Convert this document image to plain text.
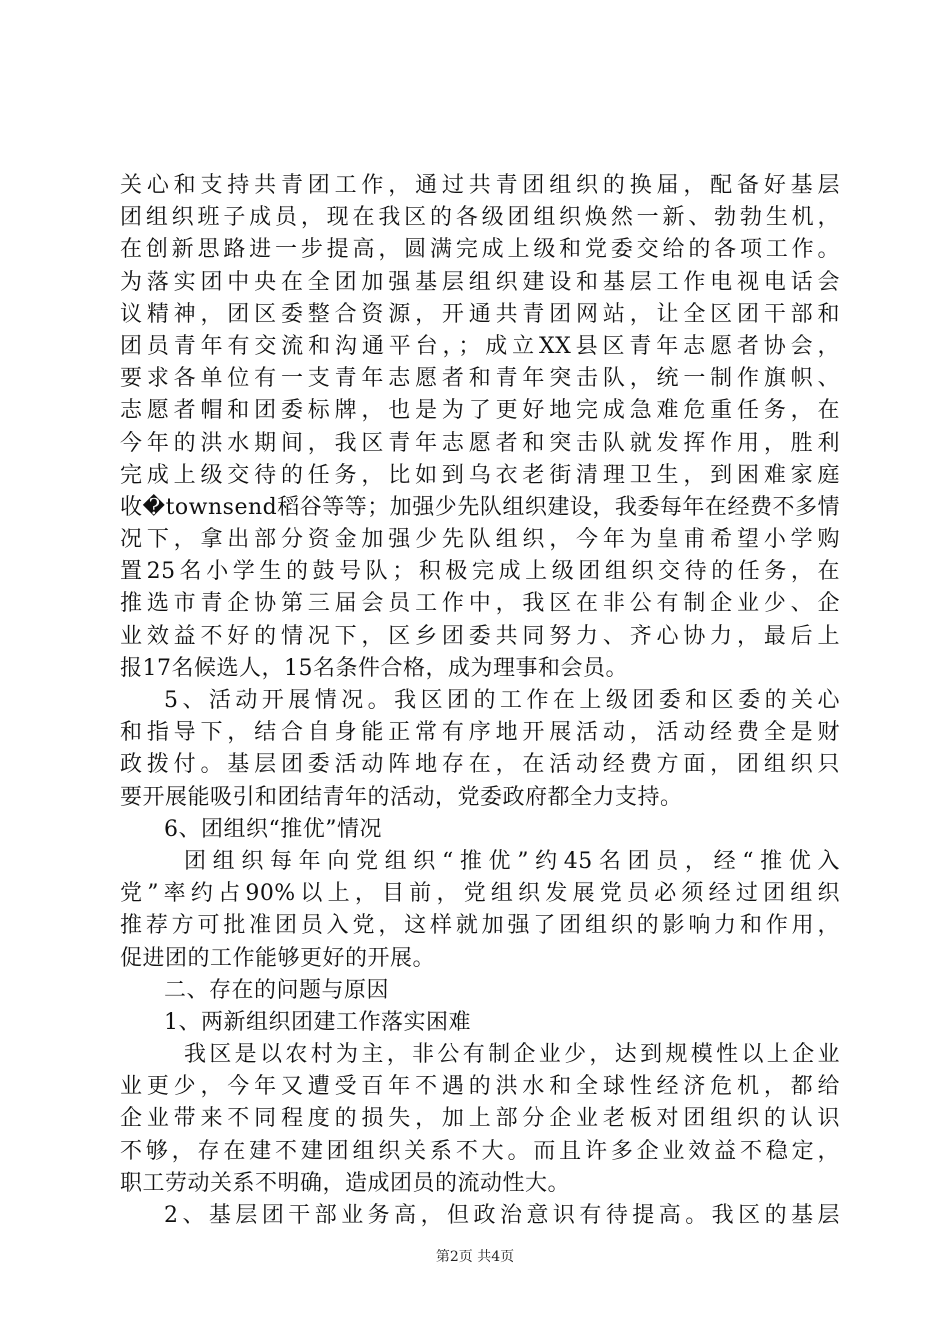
关心和支持共青团工作，通过共青团组织的换届，配备好基层
团组织班子成员，现在我区的各级团组织焕然一新、勃勃生机，
在创新思路进一步提高，圆满完成上级和党委交给的各项工作。
为落实团中央在全团加强基层组织建设和基层工作电视电话会
议精神，团区委整合资源，开通共青团网站，让全区团干部和
团员青年有交流和沟通平台，；成立XX县区青年志愿者协会，
要求各单位有一支青年志愿者和青年突击队，统一制作旗帜、
志愿者帽和团委标牌，也是为了更好地完成急难危重任务，在
今年的洪水期间，我区青年志愿者和突击队就发挥作用，胜利
完成上级交待的任务，比如到乌衣老街清理卫生，到困难家庭
收�townsend稻谷等等；加强少先队组织建设，我委每年在经费不多情
况下，拿出部分资金加强少先队组织，今年为皇甫希望小学购
置25名小学生的鼓号队；积极完成上级团组织交待的任务，在
推选市青企协第三届会员工作中，我区在非公有制企业少、企
业效益不好的情况下，区乡团委共同努力、齐心协力，最后上
报17名候选人，15名条件合格，成为理事和会员。
5、活动开展情况。我区团的工作在上级团委和区委的关心
和指导下，结合自身能正常有序地开展活动，活动经费全是财
政拨付。基层团委活动阵地存在，在活动经费方面，团组织只
要开展能吸引和团结青年的活动，党委政府都全力支持。
6、团组织“推优”情况
团组织每年向党组织“推优”约45名团员，经“推优入
党”率约占90%以上，目前，党组织发展党员必须经过团组织
推荐方可批准团员入党，这样就加强了团组织的影响力和作用，
促进团的工作能够更好的开展。
二、存在的问题与原因
1、两新组织团建工作落实困难
我区是以农村为主，非公有制企业少，达到规模性以上企业
业更少，今年又遭受百年不遇的洪水和全球性经济危机，都给
企业带来不同程度的损失，加上部分企业老板对团组织的认识
不够，存在建不建团组织关系不大。而且许多企业效益不稳定，
职工劳动关系不明确，造成团员的流动性大。
2、基层团干部业务高，但政治意识有待提高。我区的基层
第2页 共4页
